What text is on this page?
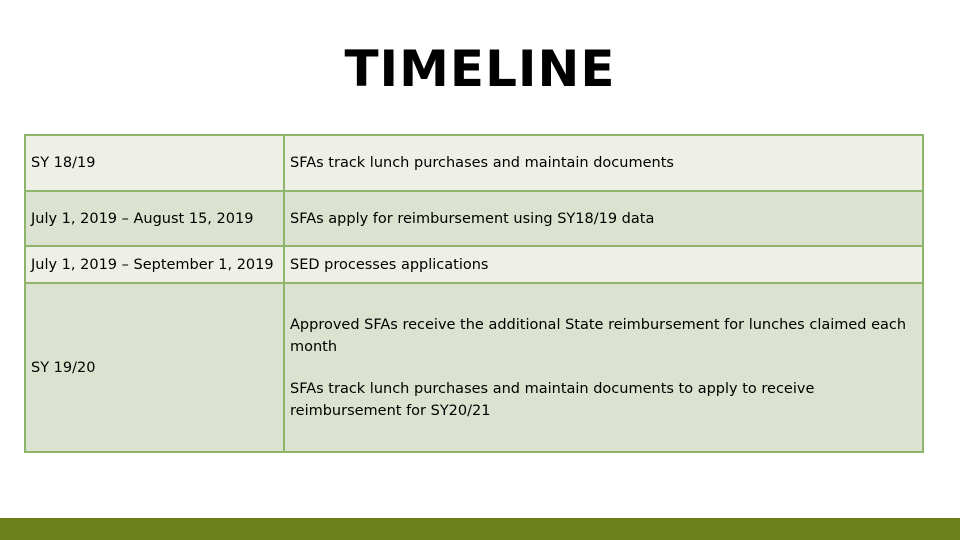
TIMELINE
SY 18/19	SFAs track lunch purchases and maintain documents

July 1, 2019 – August 15, 2019	SFAs apply for reimbursement using SY18/19 data

July 1, 2019 – September 1, 2019	SED processes applications

SY 19/20	Approved SFAs receive the additional State reimbursement for lunches claimed each month

SFAs track lunch purchases and maintain documents to apply to receive reimbursement for SY20/21
